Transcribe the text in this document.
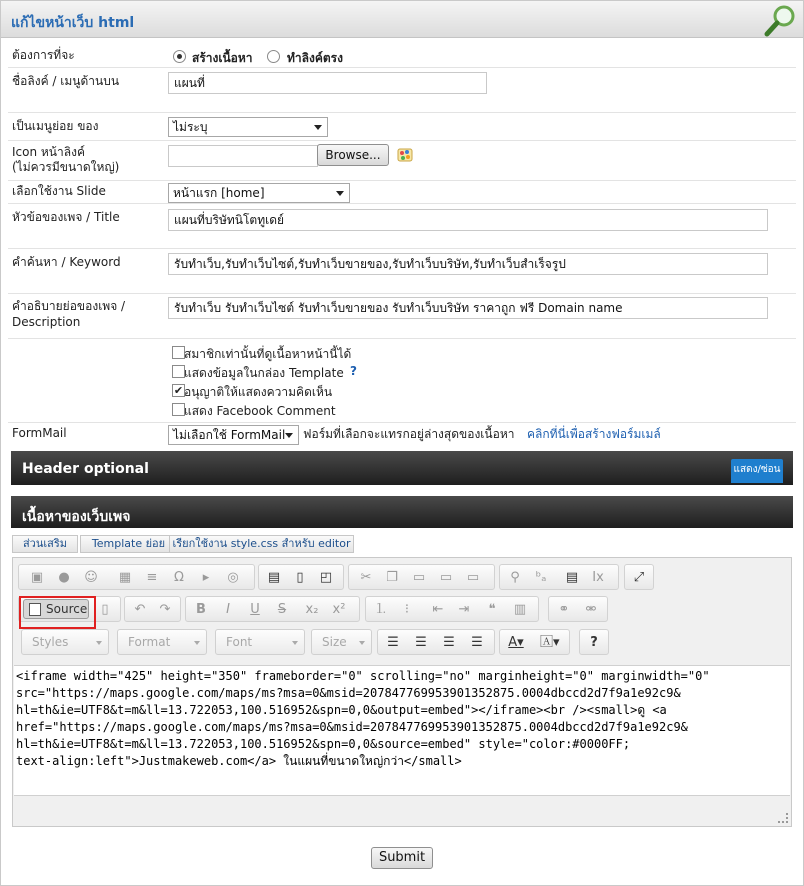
แก้ไขหน้าเว็บ html
ต้องการที่จะ	สร้างเนื้อหา	ทำลิงค์ตรง
ชื่อลิงค์ / เมนูด้านบน	แผนที่
เป็นเมนูย่อย ของ	ไม่ระบุ
Icon หน้าลิงค์
(ไม่ควรมีขนาดใหญ่)
Browse...
เลือกใช้งาน Slide	หน้าแรก [home]
หัวข้อของเพจ / Title	แผนที่บริษัทนิโตทูเดย์
คำค้นหา / Keyword	รับทำเว็บ,รับทำเว็บไซต์,รับทำเว็บขายของ,รับทำเว็บบริษัท,รับทำเว็บสำเร็จรูป
คำอธิบายย่อของเพจ /
Description
รับทำเว็บ รับทำเว็บไซต์ รับทำเว็บขายของ รับทำเว็บบริษัท ราคาถูก ฟรี Domain name
สมาชิกเท่านั้นที่ดูเนื้อหาหน้านี้ได้
แสดงข้อมูลในกล่อง Template ?
✔ อนุญาติให้แสดงความคิดเห็น
แสดง Facebook Comment
FormMail	ไม่เลือกใช้ FormMail	ฟอร์มที่เลือกจะแทรกอยู่ล่างสุดของเนื้อหา คลิกที่นี่เพื่อสร้างฟอร์มเมล์
Header optional	แสดง/ซ่อน
เนื้อหาของเว็บเพจ
ส่วนเสริม	Template ย่อย เรียกใช้งาน style.css สำหรับ editor
▣ ● ☺ ▦ ≡ Ω	▸	◎ ▤	▯	◰ ✂ ❐ ▭ ▭ ▭ ⚲ ᵇₐ ▤ Ix ⤢
Source	▯	↶ ↷ B	I	U S x₂ x² ⒈	⁝	⇤ ⇥	❝	▥ ⚭ ⚮
Styles	Format	Font	Size	☰ ☰ ☰ ☰ A▾ 🄰▾	?
<iframe width="425" height="350" frameborder="0" scrolling="no" marginheight="0" marginwidth="0"
src="https://maps.google.com/maps/ms?msa=0&msid=207847769953901352875.0004dbccd2d7f9a1e92c9&
hl=th&ie=UTF8&t=m&ll=13.722053,100.516952&spn=0,0&output=embed"></iframe><br /><small>ดู <a
href="https://maps.google.com/maps/ms?msa=0&msid=207847769953901352875.0004dbccd2d7f9a1e92c9&
hl=th&ie=UTF8&t=m&ll=13.722053,100.516952&spn=0,0&source=embed" style="color:#0000FF;
text-align:left">Justmakeweb.com</a> ในแผนที่ขนาดใหญ่กว่า</small>
Submit
